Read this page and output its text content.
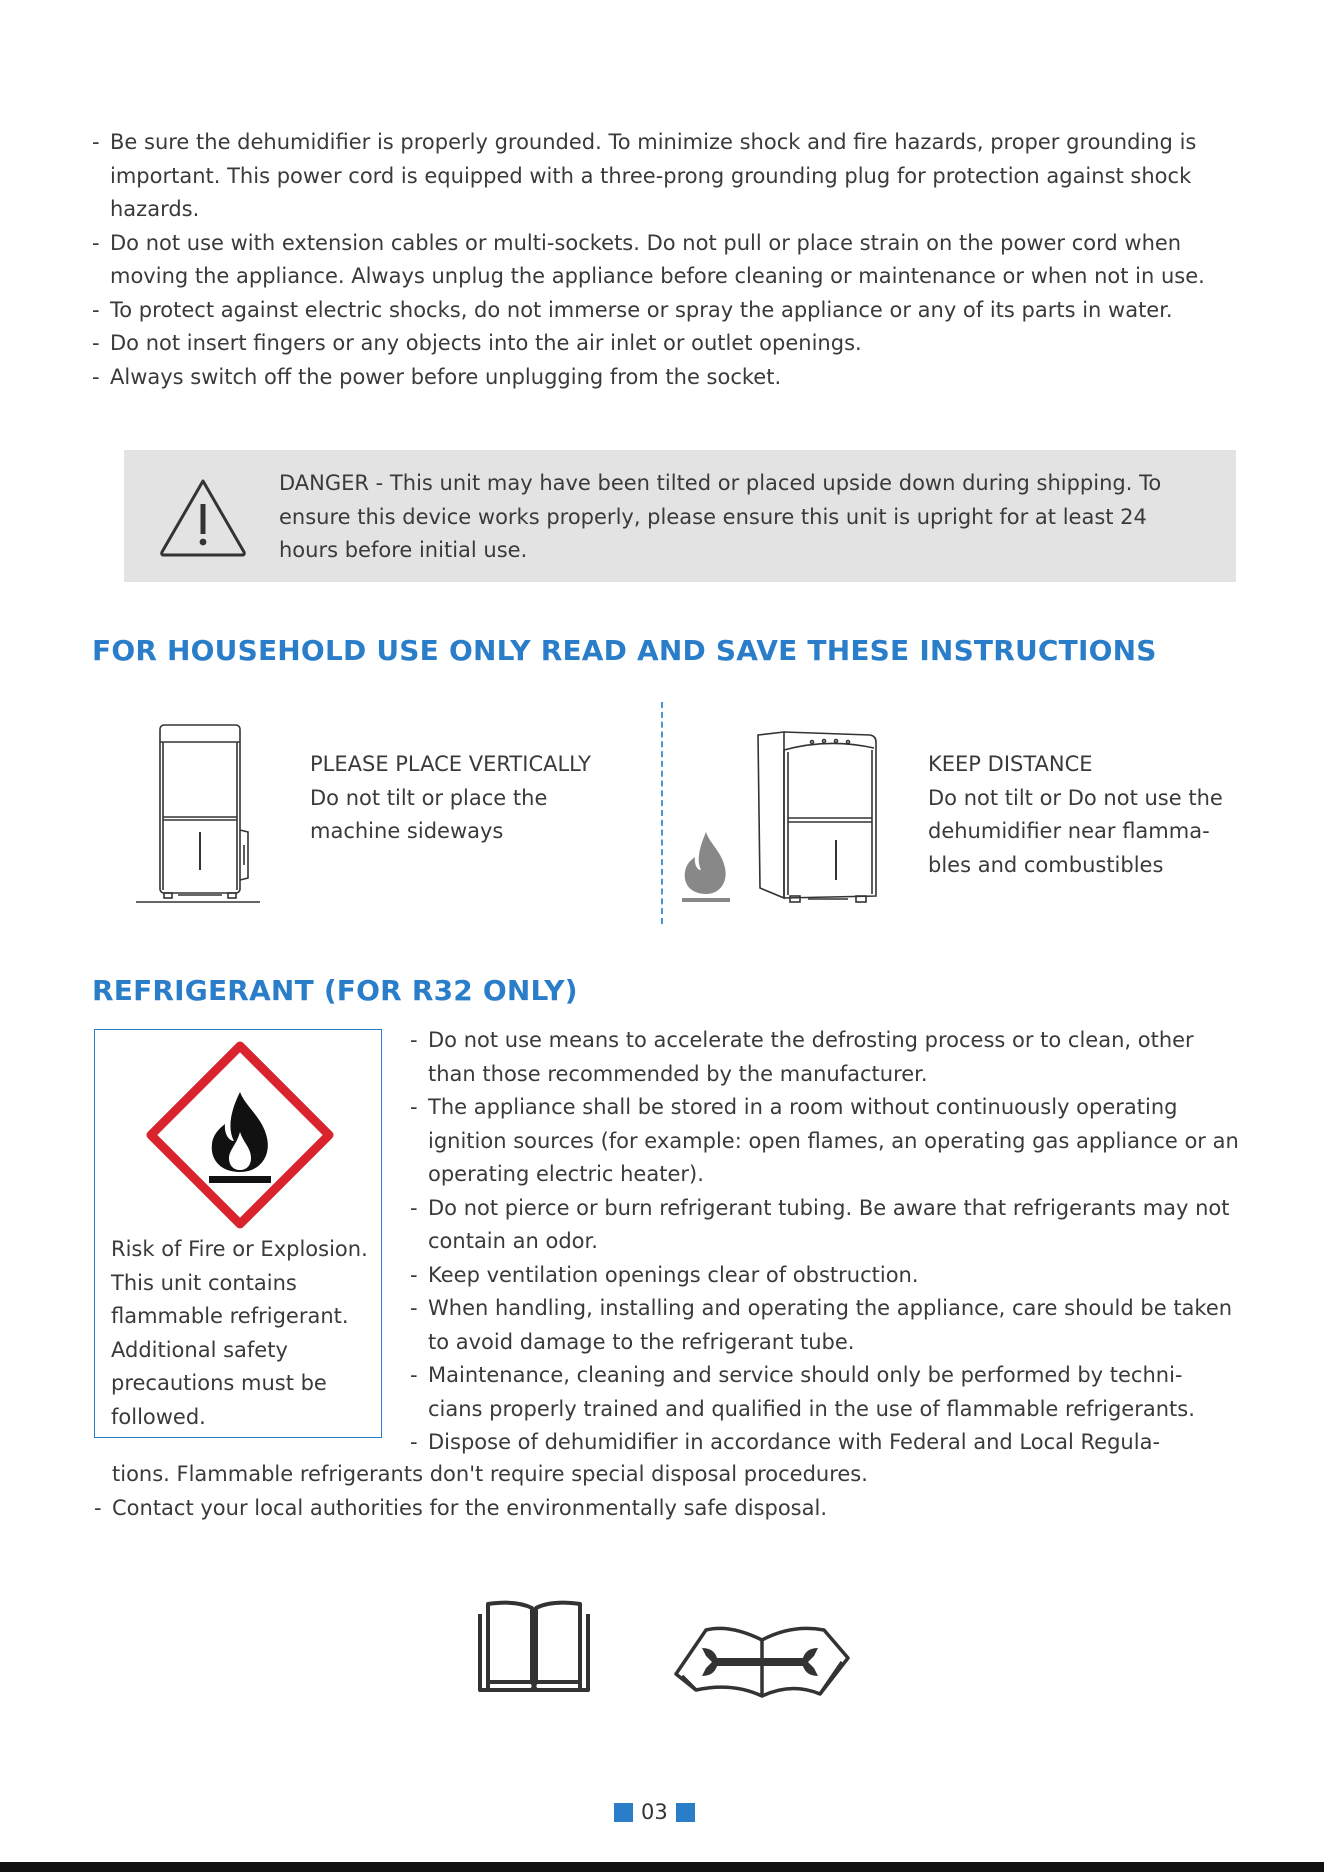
- Be sure the dehumidifier is properly grounded. To minimize shock and fire hazards, proper grounding is important. This power cord is equipped with a three-prong grounding plug for protection against shock hazards.
- Do not use with extension cables or multi-sockets. Do not pull or place strain on the power cord when moving the appliance. Always unplug the appliance before cleaning or maintenance or when not in use.
- To protect against electric shocks, do not immerse or spray the appliance or any of its parts in water.
- Do not insert fingers or any objects into the air inlet or outlet openings.
- Always switch off the power before unplugging from the socket.
DANGER - This unit may have been tilted or placed upside down during shipping. To ensure this device works properly, please ensure this unit is upright for at least 24 hours before initial use.
FOR HOUSEHOLD USE ONLY READ AND SAVE THESE INSTRUCTIONS
PLEASE PLACE VERTICALLY
Do not tilt or place the
machine sideways
KEEP DISTANCE
Do not tilt or Do not use the
dehumidifier near flamma-
bles and combustibles
REFRIGERANT (FOR R32 ONLY)
Risk of Fire or Explosion.
This unit contains
flammable refrigerant.
Additional safety
precautions must be
followed.
- Do not use means to accelerate the defrosting process or to clean, other than those recommended by the manufacturer.
- The appliance shall be stored in a room without continuously operating ignition sources (for example: open flames, an operating gas appliance or an operating electric heater).
- Do not pierce or burn refrigerant tubing. Be aware that refrigerants may not contain an odor.
- Keep ventilation openings clear of obstruction.
- When handling, installing and operating the appliance, care should be taken to avoid damage to the refrigerant tube.
- Maintenance, cleaning and service should only be performed by techni- cians properly trained and qualified in the use of flammable refrigerants.
- Dispose of dehumidifier in accordance with Federal and Local Regula-
tions. Flammable refrigerants don't require special disposal procedures.
- Contact your local authorities for the environmentally safe disposal.
03
